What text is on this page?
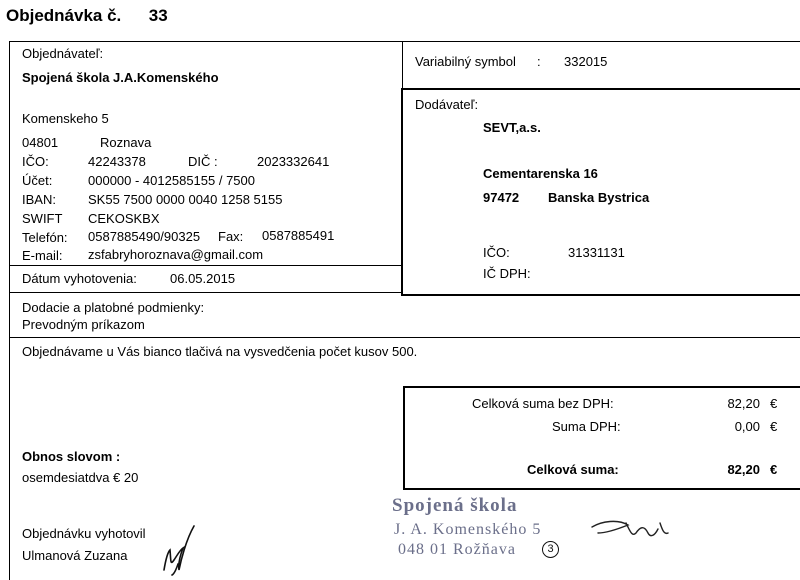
Objednávka č. 33
Objednávateľ:
Spojená škola J.A.Komenského
Komenskeho 5
04801	Roznava
IČO:	42243378	DIČ :	2023332641
Účet:	000000 - 4012585155 / 7500
IBAN: SK55 7500 0000 0040 1258 5155
SWIFT CEKOSKBX
Telefón: 0587885490/90325 Fax: 0587885491
E-mail: zsfabryhoroznava@gmail.com
Dátum vyhotovenia:	06.05.2015
Variabilný symbol : 332015
Dodávateľ:
SEVT,a.s.
Cementarenska 16
97472 Banska Bystrica
IČO:	31331131
IČ DPH:
Dodacie a platobné podmienky:
Prevodným príkazom
Objednávame u Vás bianco tlačivá na vysvedčenia počet kusov 500.
Celková suma bez DPH:	82,20 €
Suma DPH:	0,00 €
Celková suma:	82,20 €
Obnos slovom :
osemdesiatdva € 20
Objednávku vyhotovil
Ulmanová Zuzana
Spojená škola
J. A. Komenského 5
048 01 Rožňava	3
